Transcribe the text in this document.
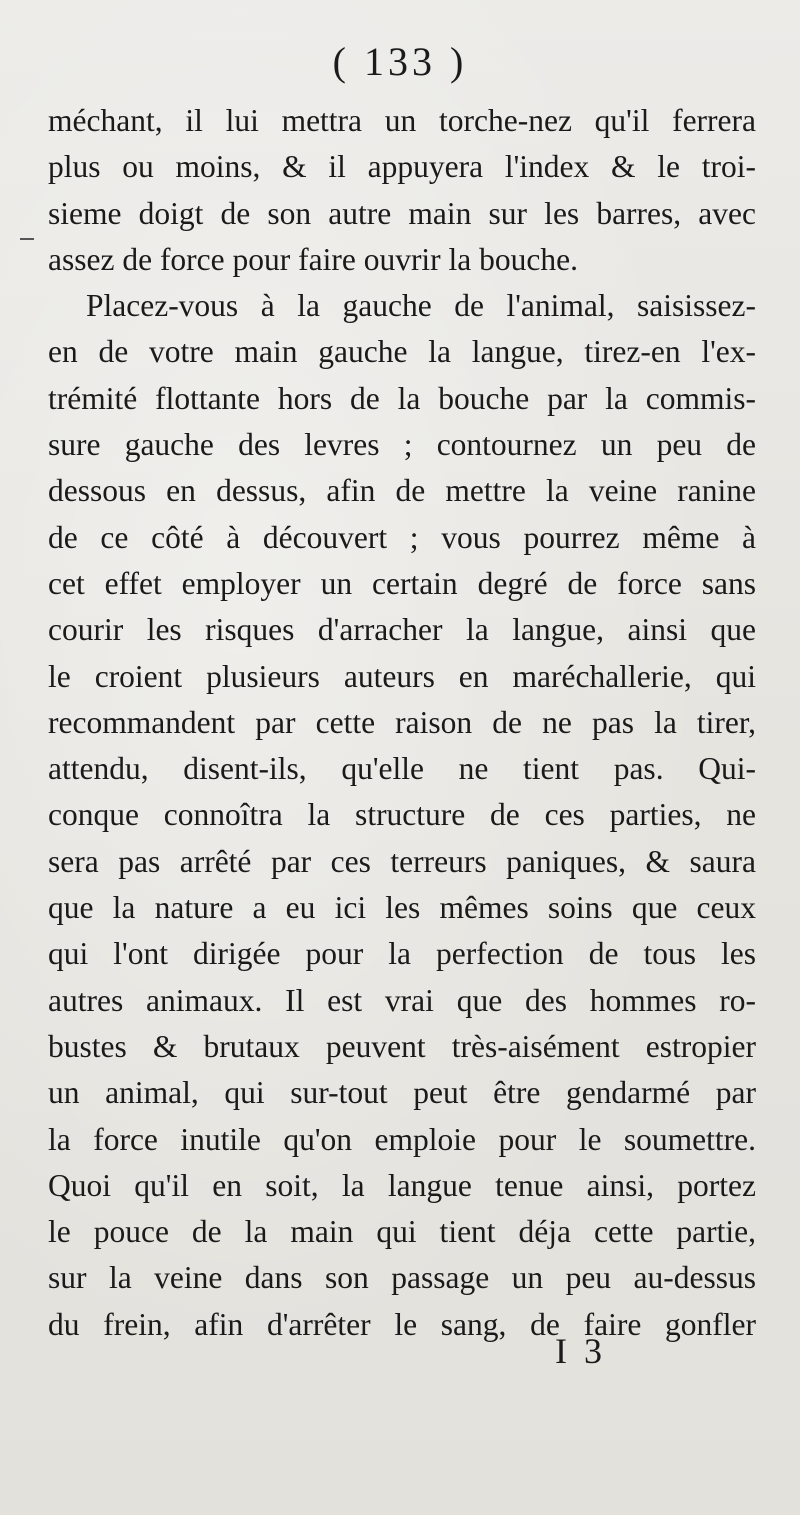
( 133 )
méchant, il lui mettra un torche-nez qu'il ferrera
plus ou moins, & il appuyera l'index & le troi-
sieme doigt de son autre main sur les barres, avec
assez de force pour faire ouvrir la bouche.
Placez-vous à la gauche de l'animal, saisissez-
en de votre main gauche la langue, tirez-en l'ex-
trémité flottante hors de la bouche par la commis-
sure gauche des levres ; contournez un peu de
dessous en dessus, afin de mettre la veine ranine
de ce côté à découvert ; vous pourrez même à
cet effet employer un certain degré de force sans
courir les risques d'arracher la langue, ainsi que
le croient plusieurs auteurs en maréchallerie, qui
recommandent par cette raison de ne pas la tirer,
attendu, disent-ils, qu'elle ne tient pas. Qui-
conque connoîtra la structure de ces parties, ne
sera pas arrêté par ces terreurs paniques, & saura
que la nature a eu ici les mêmes soins que ceux
qui l'ont dirigée pour la perfection de tous les
autres animaux. Il est vrai que des hommes ro-
bustes & brutaux peuvent très-aisément estropier
un animal, qui sur-tout peut être gendarmé par
la force inutile qu'on emploie pour le soumettre.
Quoi qu'il en soit, la langue tenue ainsi, portez
le pouce de la main qui tient déja cette partie,
sur la veine dans son passage un peu au-dessus
du frein, afin d'arrêter le sang, de faire gonfler
I 3
